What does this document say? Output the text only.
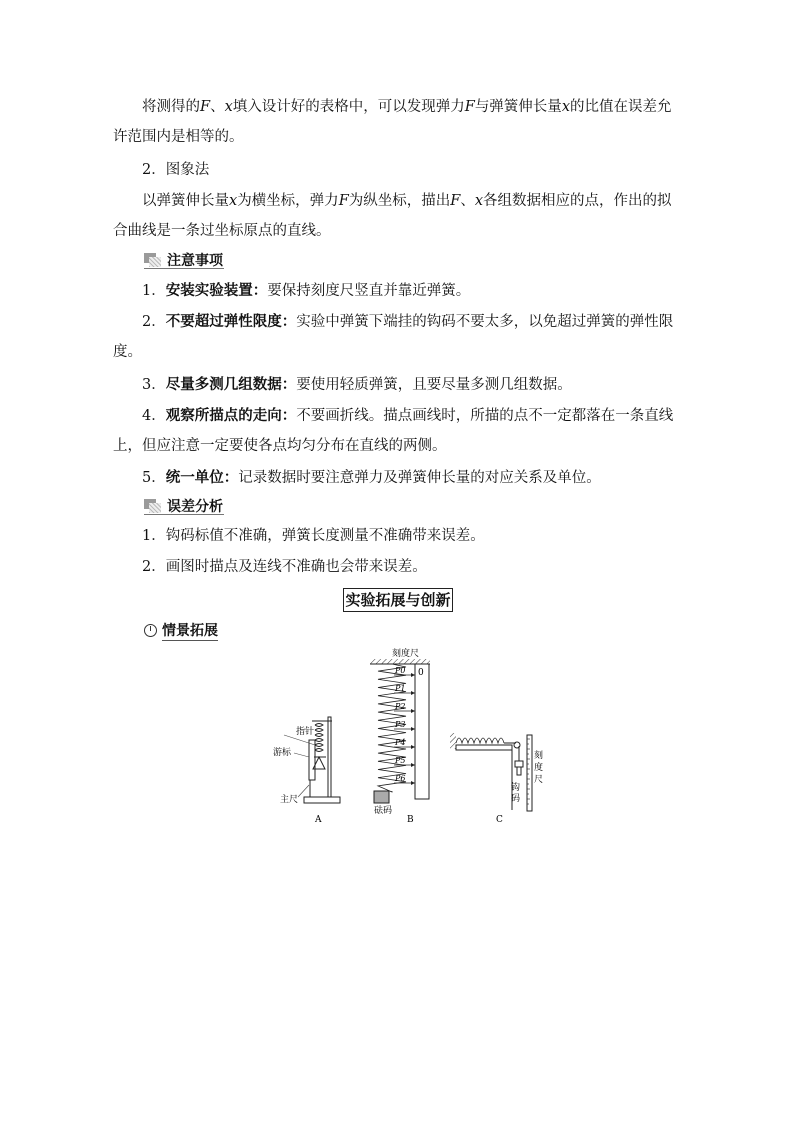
将测得的F、x填入设计好的表格中，可以发现弹力F与弹簧伸长量x的比值在误差允许范围内是相等的。

2．图象法

以弹簧伸长量x为横坐标，弹力F为纵坐标，描出F、x各组数据相应的点，作出的拟合曲线是一条过坐标原点的直线。

注意事项

1．安装实验装置：要保持刻度尺竖直并靠近弹簧。

2．不要超过弹性限度：实验中弹簧下端挂的钩码不要太多，以免超过弹簧的弹性限度。

3．尽量多测几组数据：要使用轻质弹簧，且要尽量多测几组数据。

4．观察所描点的走向：不要画折线。描点画线时，所描的点不一定都落在一条直线上，但应注意一定要使各点均匀分布在直线的两侧。

5．统一单位：记录数据时要注意弹力及弹簧伸长量的对应关系及单位。

误差分析

1．钩码标值不准确，弹簧长度测量不准确带来误差。

2．画图时描点及连线不准确也会带来误差。

实验拓展与创新
情景拓展
指针
游标
主尺
A
刻度尺
0
P0
P1
P2
P3
P4
P5
P6
砝码
B
刻度尺
钩码
C
